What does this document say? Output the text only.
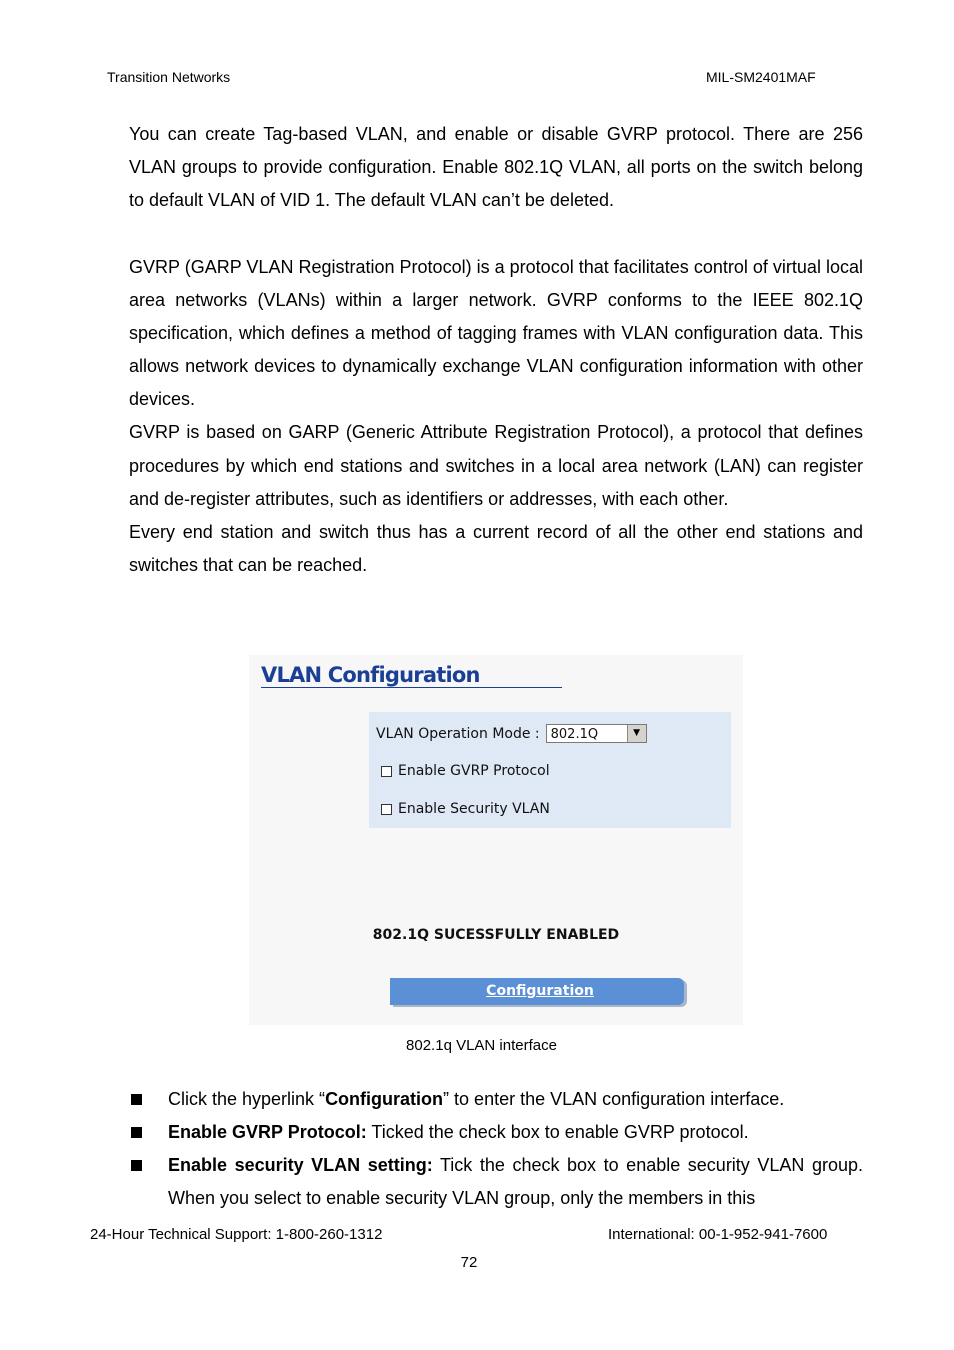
Transition Networks	MIL-SM2401MAF

You can create Tag-based VLAN, and enable or disable GVRP protocol. There are 256 VLAN groups to provide configuration. Enable 802.1Q VLAN, all ports on the switch belong to default VLAN of VID 1. The default VLAN can’t be deleted.

GVRP (GARP VLAN Registration Protocol) is a protocol that facilitates control of virtual local area networks (VLANs) within a larger network. GVRP conforms to the IEEE 802.1Q specification, which defines a method of tagging frames with VLAN configuration data. This allows network devices to dynamically exchange VLAN configuration information with other devices.

GVRP is based on GARP (Generic Attribute Registration Protocol), a protocol that defines procedures by which end stations and switches in a local area network (LAN) can register and de-register attributes, such as identifiers or addresses, with each other.

Every end station and switch thus has a current record of all the other end stations and switches that can be reached.

VLAN Configuration
VLAN Operation Mode : 802.1Q	▼
Enable GVRP Protocol
Enable Security VLAN
802.1Q SUCESSFULLY ENABLED
Configuration
802.1q VLAN interface
Click the hyperlink “Configuration” to enter the VLAN configuration interface.
Enable GVRP Protocol: Ticked the check box to enable GVRP protocol.
Enable security VLAN setting: Tick the check box to enable security VLAN group. When you select to enable security VLAN group, only the members in this
24-Hour Technical Support: 1-800-260-1312	International: 00-1-952-941-7600
72
